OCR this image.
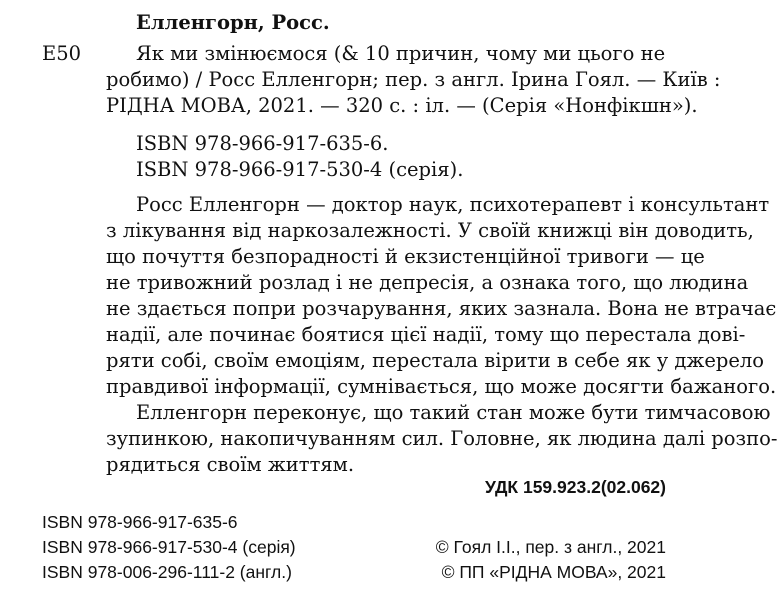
Елленгорн, Росс.
Е50	Як ми змінюємося (& 10 причин, чому ми цього не
робимо) / Росс Елленгорн; пер. з англ. Ірина Гоял. — Київ :
РІДНА МОВА, 2021. — 320 с. : іл. — (Серія «Нонфікшн»).
ISBN 978-966-917-635-6.
ISBN 978-966-917-530-4 (серія).
Росс Елленгорн — доктор наук, психотерапевт і консультант
з лікування від наркозалежності. У своїй книжці він доводить,
що почуття безпорадності й екзистенційної тривоги — це
не тривожний розлад і не депресія, а ознака того, що людина
не здається попри розчарування, яких зазнала. Вона не втрачає
надії, але починає боятися цієї надії, тому що перестала дові-
ряти собі, своїм емоціям, перестала вірити в себе як у джерело
правдивої інформації, сумнівається, що може досягти бажаного.
Елленгорн переконує, що такий стан може бути тимчасовою
зупинкою, накопичуванням сил. Головне, як людина далі розпо-
рядиться своїм життям.
УДК 159.923.2(02.062)
ISBN 978-966-917-635-6
ISBN 978-966-917-530-4 (серія)
ISBN 978-006-296-111-2 (англ.)
© Гоял І.І., пер. з англ., 2021
© ПП «РІДНА МОВА», 2021
